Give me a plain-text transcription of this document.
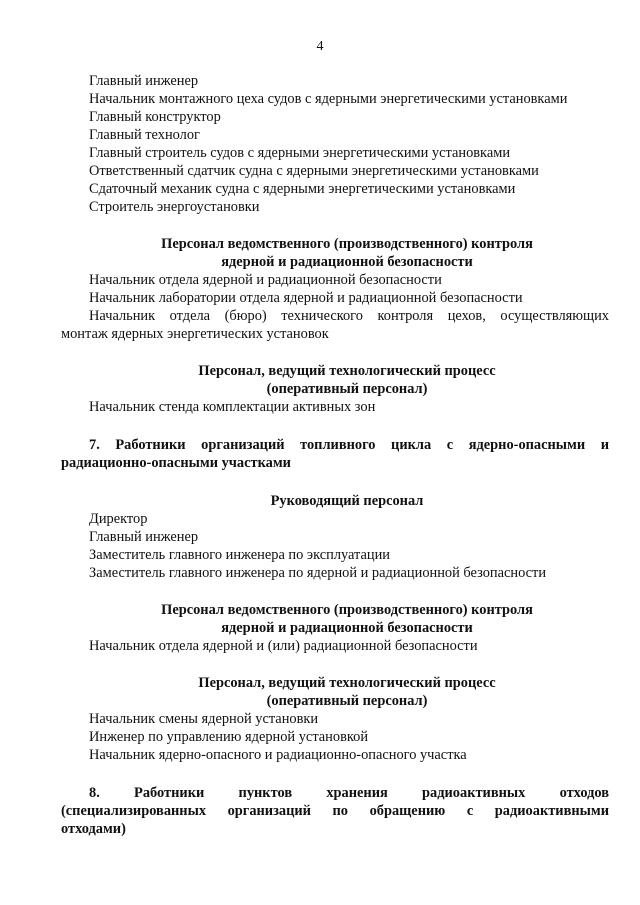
4
Главный инженер
Начальник монтажного цеха судов с ядерными энергетическими установками
Главный конструктор
Главный технолог
Главный строитель судов с ядерными энергетическими установками
Ответственный сдатчик судна с ядерными энергетическими установками
Сдаточный механик судна с ядерными энергетическими установками
Строитель энергоустановки
Персонал ведомственного (производственного) контроля
ядерной и радиационной безопасности
Начальник отдела ядерной и радиационной безопасности
Начальник лаборатории отдела ядерной и радиационной безопасности
Начальник отдела (бюро) технического контроля цехов, осуществляющих
монтаж ядерных энергетических установок
Персонал, ведущий технологический процесс
(оперативный персонал)
Начальник стенда комплектации активных зон
7. Работники организаций топливного цикла с ядерно-опасными и
радиационно-опасными участками
Руководящий персонал
Директор
Главный инженер
Заместитель главного инженера по эксплуатации
Заместитель главного инженера по ядерной и радиационной безопасности
Персонал ведомственного (производственного) контроля
ядерной и радиационной безопасности
Начальник отдела ядерной и (или) радиационной безопасности
Персонал, ведущий технологический процесс
(оперативный персонал)
Начальник смены ядерной установки
Инженер по управлению ядерной установкой
Начальник ядерно-опасного и радиационно-опасного участка
8. Работники пунктов хранения радиоактивных отходов
(специализированных организаций по обращению с радиоактивными
отходами)
